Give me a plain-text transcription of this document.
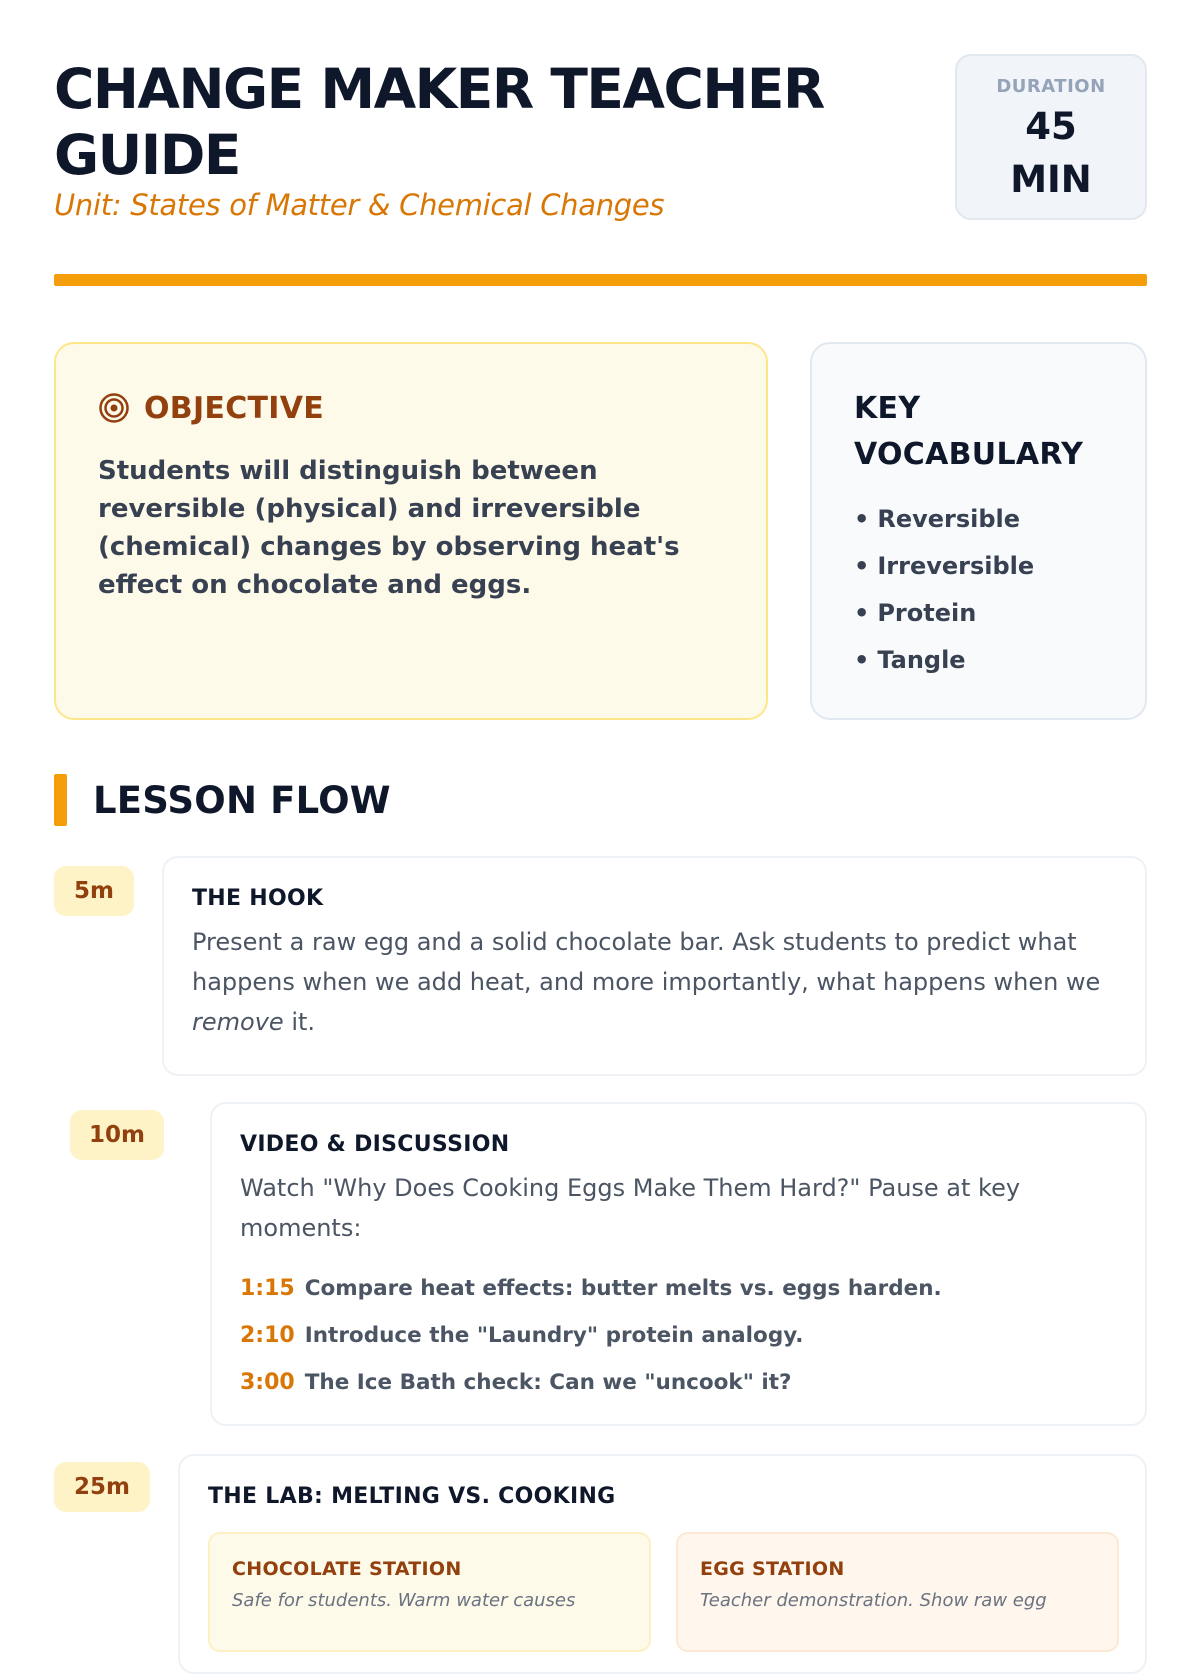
CHANGE MAKER TEACHER GUIDE
Unit: States of Matter & Chemical Changes
DURATION
45
MIN
OBJECTIVE

Students will distinguish between reversible (physical) and irreversible (chemical) changes by observing heat's effect on chocolate and eggs.

KEY VOCABULARY
• Reversible
• Irreversible
• Protein
• Tangle
LESSON FLOW
5m	THE HOOK

Present a raw egg and a solid chocolate bar. Ask students to predict what happens when we add heat, and more importantly, what happens when we remove it.

10m	VIDEO & DISCUSSION

Watch "Why Does Cooking Eggs Make Them Hard?" Pause at key moments:

1:15 Compare heat effects: butter melts vs. eggs harden.
2:10 Introduce the "Laundry" protein analogy.
3:00 The Ice Bath check: Can we "uncook" it?
25m	THE LAB: MELTING VS. COOKING
CHOCOLATE STATION
Safe for students. Warm water causes
EGG STATION
Teacher demonstration. Show raw egg
